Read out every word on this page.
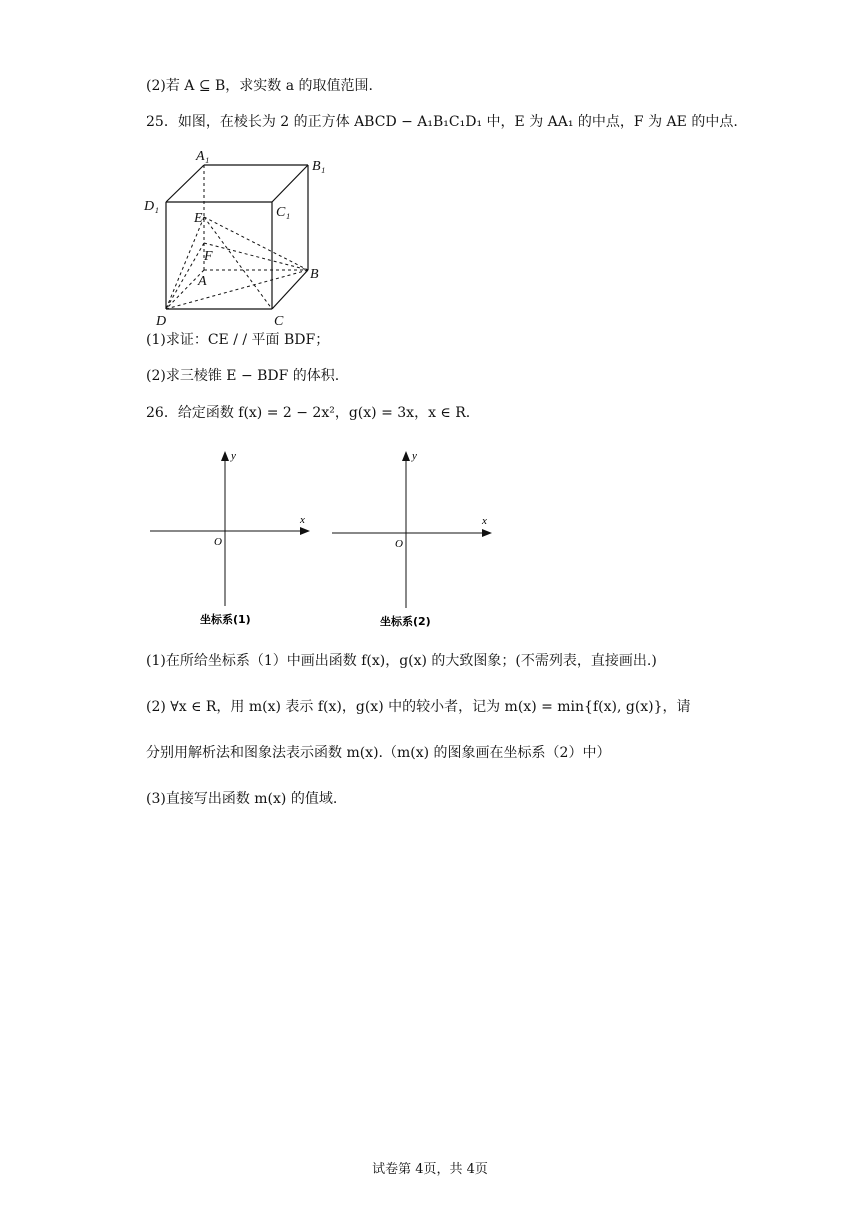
(2)若 A ⊆ B，求实数 a 的取值范围.
25．如图，在棱长为 2 的正方体 ABCD − A₁B₁C₁D₁ 中，E 为 AA₁ 的中点，F 为 AE 的中点.
A₁
B₁
C₁
D₁
E
F
A	B
C
D
(1)求证：CE / / 平面 BDF；
(2)求三棱锥 E − BDF 的体积.
26．给定函数 f(x) = 2 − 2x²，g(x) = 3x，x ∈ R.
y
x
O
坐标系(1)
y
x
O
坐标系(2)
(1)在所给坐标系（1）中画出函数 f(x)，g(x) 的大致图象；(不需列表，直接画出.)
(2) ∀x ∈ R，用 m(x) 表示 f(x)，g(x) 中的较小者，记为 m(x) = min{f(x), g(x)}，请
分别用解析法和图象法表示函数 m(x).（m(x) 的图象画在坐标系（2）中）
(3)直接写出函数 m(x) 的值域.
试卷第 4页，共 4页
